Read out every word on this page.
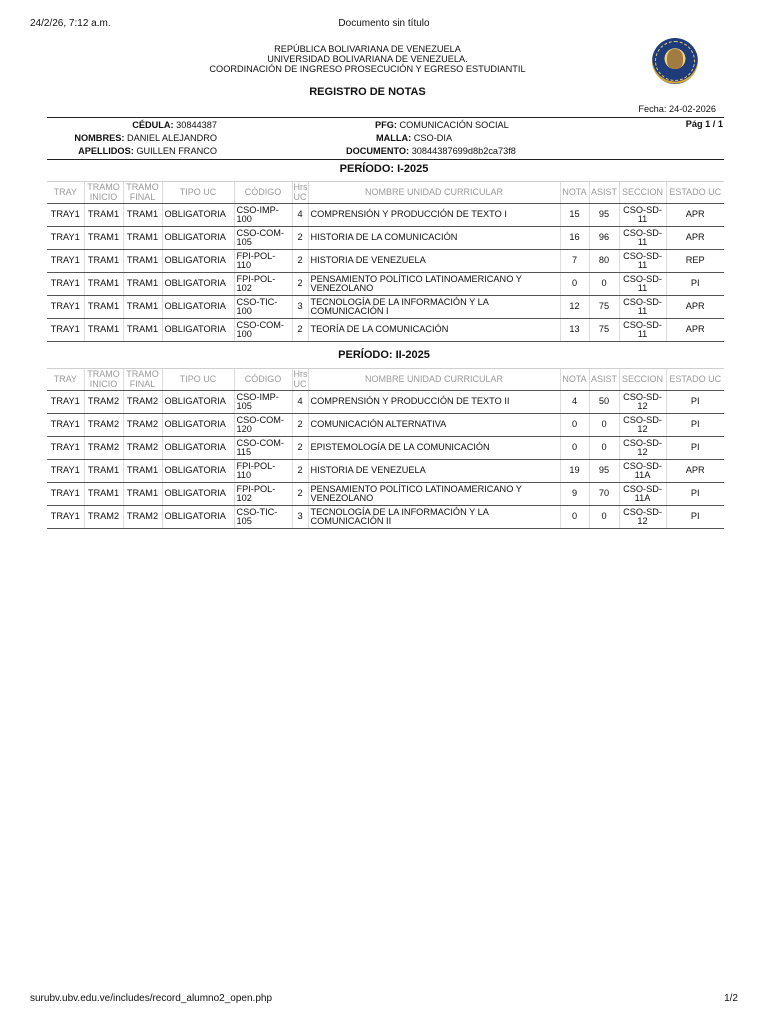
24/2/26, 7:12 a.m.	Documento sin título
REPÚBLICA BOLIVARIANA DE VENEZUELA
UNIVERSIDAD BOLIVARIANA DE VENEZUELA.
COORDINACIÓN DE INGRESO PROSECUCIÓN Y EGRESO ESTUDIANTIL
REGISTRO DE NOTAS
Fecha: 24-02-2026
CÉDULA: 30844387
NOMBRES: DANIEL ALEJANDRO
APELLIDOS: GUILLEN FRANCO
PFG: COMUNICACIÓN SOCIAL
MALLA: CSO-DIA
DOCUMENTO: 30844387699d8b2ca73f8
Pág 1 / 1
PERÍODO: I-2025
TRAY	TRAMO INICIO	TRAMO FINAL	TIPO UC	CÓDIGO	Hrs UC	NOMBRE UNIDAD CURRICULAR	NOTA	ASIST	SECCION	ESTADO UC
TRAY1	TRAM1	TRAM1	OBLIGATORIA	CSO-IMP-100	4	COMPRENSIÓN Y PRODUCCIÓN DE TEXTO I	15	95	CSO-SD-11	APR
TRAY1	TRAM1	TRAM1	OBLIGATORIA	CSO-COM-105	2	HISTORIA DE LA COMUNICACIÓN	16	96	CSO-SD-11	APR
TRAY1	TRAM1	TRAM1	OBLIGATORIA	FPI-POL-110	2	HISTORIA DE VENEZUELA	7	80	CSO-SD-11	REP
TRAY1	TRAM1	TRAM1	OBLIGATORIA	FPI-POL-102	2	PENSAMIENTO POLÍTICO LATINOAMERICANO Y VENEZOLANO	0	0	CSO-SD-11	PI
TRAY1	TRAM1	TRAM1	OBLIGATORIA	CSO-TIC-100	3	TECNOLOGÍA DE LA INFORMACIÓN Y LA COMUNICACIÓN I	12	75	CSO-SD-11	APR
TRAY1	TRAM1	TRAM1	OBLIGATORIA	CSO-COM-100	2	TEORÍA DE LA COMUNICACIÓN	13	75	CSO-SD-11	APR
PERÍODO: II-2025
TRAY	TRAMO INICIO	TRAMO FINAL	TIPO UC	CÓDIGO	Hrs UC	NOMBRE UNIDAD CURRICULAR	NOTA	ASIST	SECCION	ESTADO UC
TRAY1	TRAM2	TRAM2	OBLIGATORIA	CSO-IMP-105	4	COMPRENSIÓN Y PRODUCCIÓN DE TEXTO II	4	50	CSO-SD-12	PI
TRAY1	TRAM2	TRAM2	OBLIGATORIA	CSO-COM-120	2	COMUNICACIÓN ALTERNATIVA	0	0	CSO-SD-12	PI
TRAY1	TRAM2	TRAM2	OBLIGATORIA	CSO-COM-115	2	EPISTEMOLOGÍA DE LA COMUNICACIÓN	0	0	CSO-SD-12	PI
TRAY1	TRAM1	TRAM1	OBLIGATORIA	FPI-POL-110	2	HISTORIA DE VENEZUELA	19	95	CSO-SD-11A	APR
TRAY1	TRAM1	TRAM1	OBLIGATORIA	FPI-POL-102	2	PENSAMIENTO POLÍTICO LATINOAMERICANO Y VENEZOLANO	9	70	CSO-SD-11A	PI
TRAY1	TRAM2	TRAM2	OBLIGATORIA	CSO-TIC-105	3	TECNOLOGÍA DE LA INFORMACIÓN Y LA COMUNICACIÓN II	0	0	CSO-SD-12	PI
surubv.ubv.edu.ve/includes/record_alumno2_open.php	1/2
